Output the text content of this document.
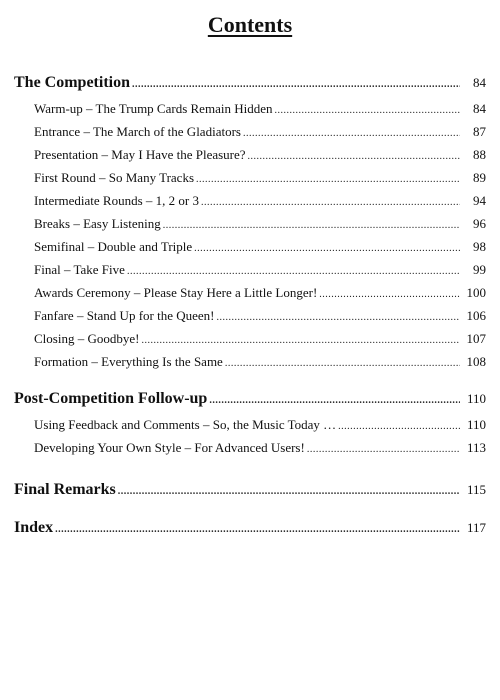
Contents
The Competition .....	84
Warm-up – The Trump Cards Remain Hidden .....	84
Entrance – The March of the Gladiators .....	87
Presentation – May I Have the Pleasure? .....	88
First Round – So Many Tracks .....	89
Intermediate Rounds – 1, 2 or 3 .....	94
Breaks – Easy Listening .....	96
Semifinal – Double and Triple .....	98
Final – Take Five .....	99
Awards Ceremony – Please Stay Here a Little Longer! .....	100
Fanfare – Stand Up for the Queen! .....	106
Closing – Goodbye! .....	107
Formation – Everything Is the Same .....	108
Post-Competition Follow-up .....	110
Using Feedback and Comments – So, the Music Today … .....	110
Developing Your Own Style – For Advanced Users! .....	113
Final Remarks .....	115
Index .....	117
